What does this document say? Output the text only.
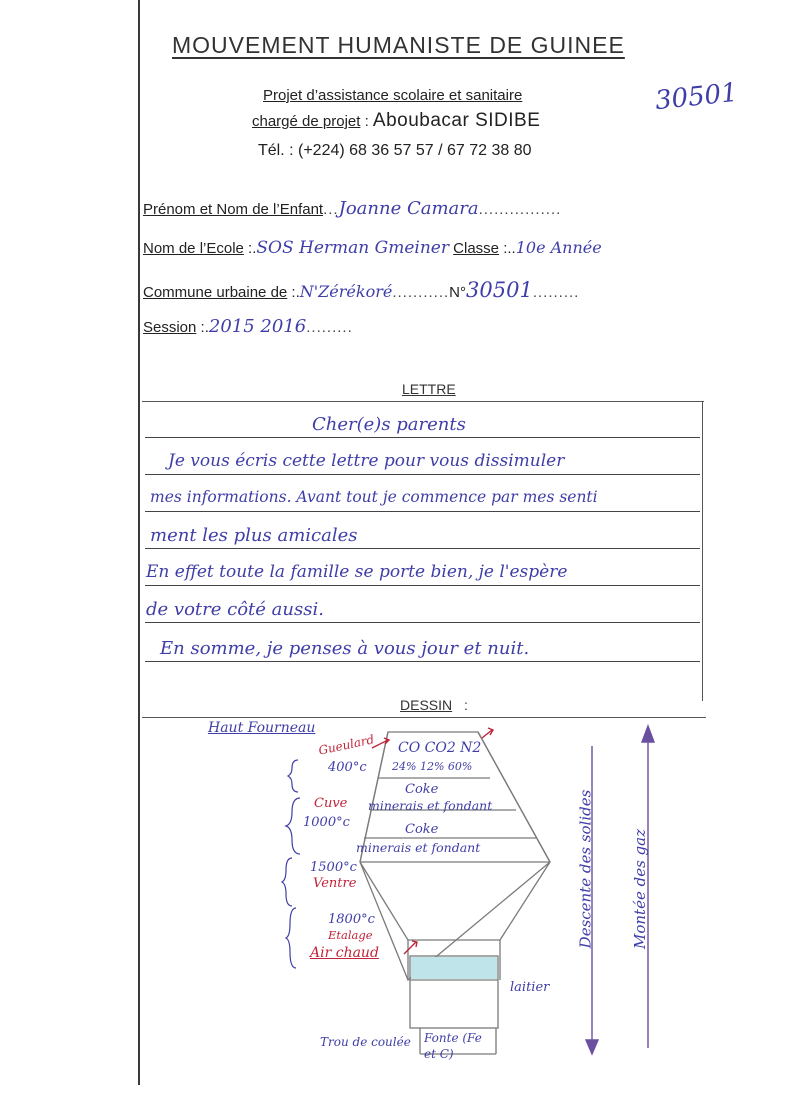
MOUVEMENT HUMANISTE DE GUINEE
Projet d’assistance scolaire et sanitaire
chargé de projet : Aboubacar SIDIBE
Tél. : (+224) 68 36 57 57 / 67 72 38 80
30501
Prénom et Nom de l’Enfant...Joanne Camara................
Nom de l’Ecole :.SOS Herman Gmeiner Classe :..10e Année
Commune urbaine de :.N'Zérékoré...........N°30501.........
Session :.2015 2016.........
LETTRE
Cher(e)s parents
Je vous écris cette lettre pour vous dissimuler
mes informations. Avant tout je commence par mes senti
ment les plus amicales
En effet toute la famille se porte bien, je l'espère
de votre côté aussi.
En somme, je penses à vous jour et nuit.
DESSIN :
Haut Fourneau
Gueulard CO CO2 N2
24% 12% 60%
400°c
Coke
minerais et fondant
Cuve
1000°c	Coke
minerais et fondant
1500°c
Ventre
1800°c
Etalage
Air chaud
laitier
Trou de coulée Fonte (Fe et C)
Descente des solides Montée des gaz
